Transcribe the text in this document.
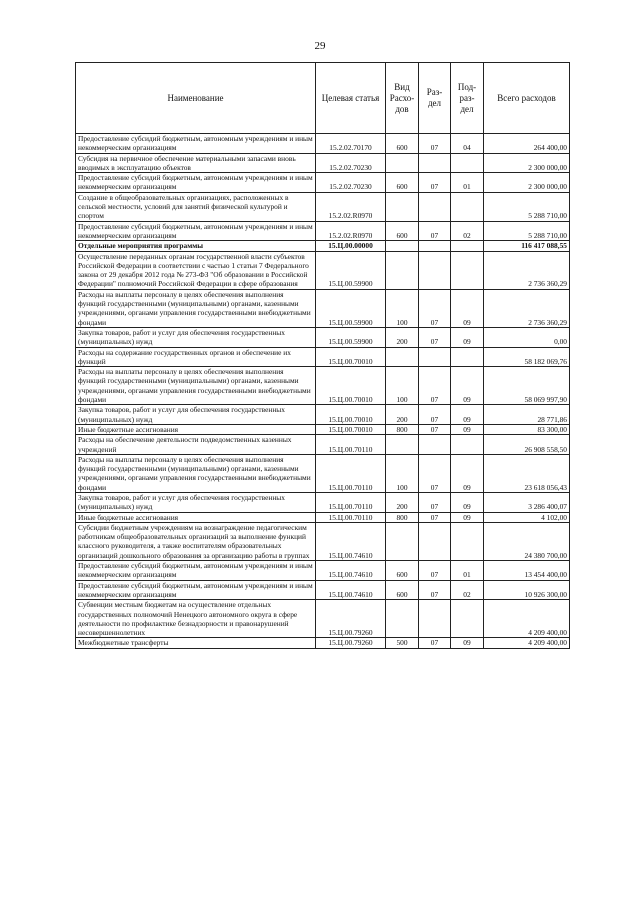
29
Наименование	Целевая статья	Вид Расхо- дов	Раз- дел	Под- раз- дел	Всего расходов
Предоставление субсидий бюджетным, автономным учреждениям и иным некоммерческим организациям	15.2.02.70170	600	07	04	264 400,00
Субсидия на первичное обеспечение материальными запасами вновь вводимых в эксплуатацию объектов	15.2.02.70230				2 300 000,00
Предоставление субсидий бюджетным, автономным учреждениям и иным некоммерческим организациям	15.2.02.70230	600	07	01	2 300 000,00
Создание в общеобразовательных организациях, расположенных в сельской местности, условий для занятий физической культурой и спортом	15.2.02.R0970				5 288 710,00
Предоставление субсидий бюджетным, автономным учреждениям и иным некоммерческим организациям	15.2.02.R0970	600	07	02	5 288 710,00
Отдельные мероприятия программы	15.Ц.00.00000				116 417 088,55
Осуществление переданных органам государственной власти субъектов Российской Федерации в соответствии с частью 1 статьи 7 Федерального закона от 29 декабря 2012 года № 273-ФЗ "Об образовании в Российской Федерации" полномочий Российской Федерации в сфере образования	15.Ц.00.59900				2 736 360,29
Расходы на выплаты персоналу в целях обеспечения выполнения функций государственными (муниципальными) органами, казенными учреждениями, органами управления государственными внебюджетными фондами	15.Ц.00.59900	100	07	09	2 736 360,29
Закупка товаров, работ и услуг для обеспечения государственных (муниципальных) нужд	15.Ц.00.59900	200	07	09	0,00
Расходы на содержание государственных органов и обеспечение их функций	15.Ц.00.70010				58 182 069,76
Расходы на выплаты персоналу в целях обеспечения выполнения функций государственными (муниципальными) органами, казенными учреждениями, органами управления государственными внебюджетными фондами	15.Ц.00.70010	100	07	09	58 069 997,90
Закупка товаров, работ и услуг для обеспечения государственных (муниципальных) нужд	15.Ц.00.70010	200	07	09	28 771,86
Иные бюджетные ассигнования	15.Ц.00.70010	800	07	09	83 300,00
Расходы на обеспечение деятельности подведомственных казенных учреждений	15.Ц.00.70110				26 908 558,50
Расходы на выплаты персоналу в целях обеспечения выполнения функций государственными (муниципальными) органами, казенными учреждениями, органами управления государственными внебюджетными фондами	15.Ц.00.70110	100	07	09	23 618 056,43
Закупка товаров, работ и услуг для обеспечения государственных (муниципальных) нужд	15.Ц.00.70110	200	07	09	3 286 400,07
Иные бюджетные ассигнования	15.Ц.00.70110	800	07	09	4 102,00
Субсидии бюджетным учреждениям на вознаграждение педагогическим работникам общеобразовательных организаций за выполнение функций классного руководителя, а также воспитателям образовательных организаций дошкольного образования за организацию работы в группах	15.Ц.00.74610				24 380 700,00
Предоставление субсидий бюджетным, автономным учреждениям и иным некоммерческим организациям	15.Ц.00.74610	600	07	01	13 454 400,00
Предоставление субсидий бюджетным, автономным учреждениям и иным некоммерческим организациям	15.Ц.00.74610	600	07	02	10 926 300,00
Субвенции местным бюджетам на осуществление отдельных государственных полномочий Ненецкого автономного округа в сфере деятельности по профилактике безнадзорности и правонарушений несовершеннолетних	15.Ц.00.79260				4 209 400,00
Межбюджетные трансферты	15.Ц.00.79260	500	07	09	4 209 400,00
